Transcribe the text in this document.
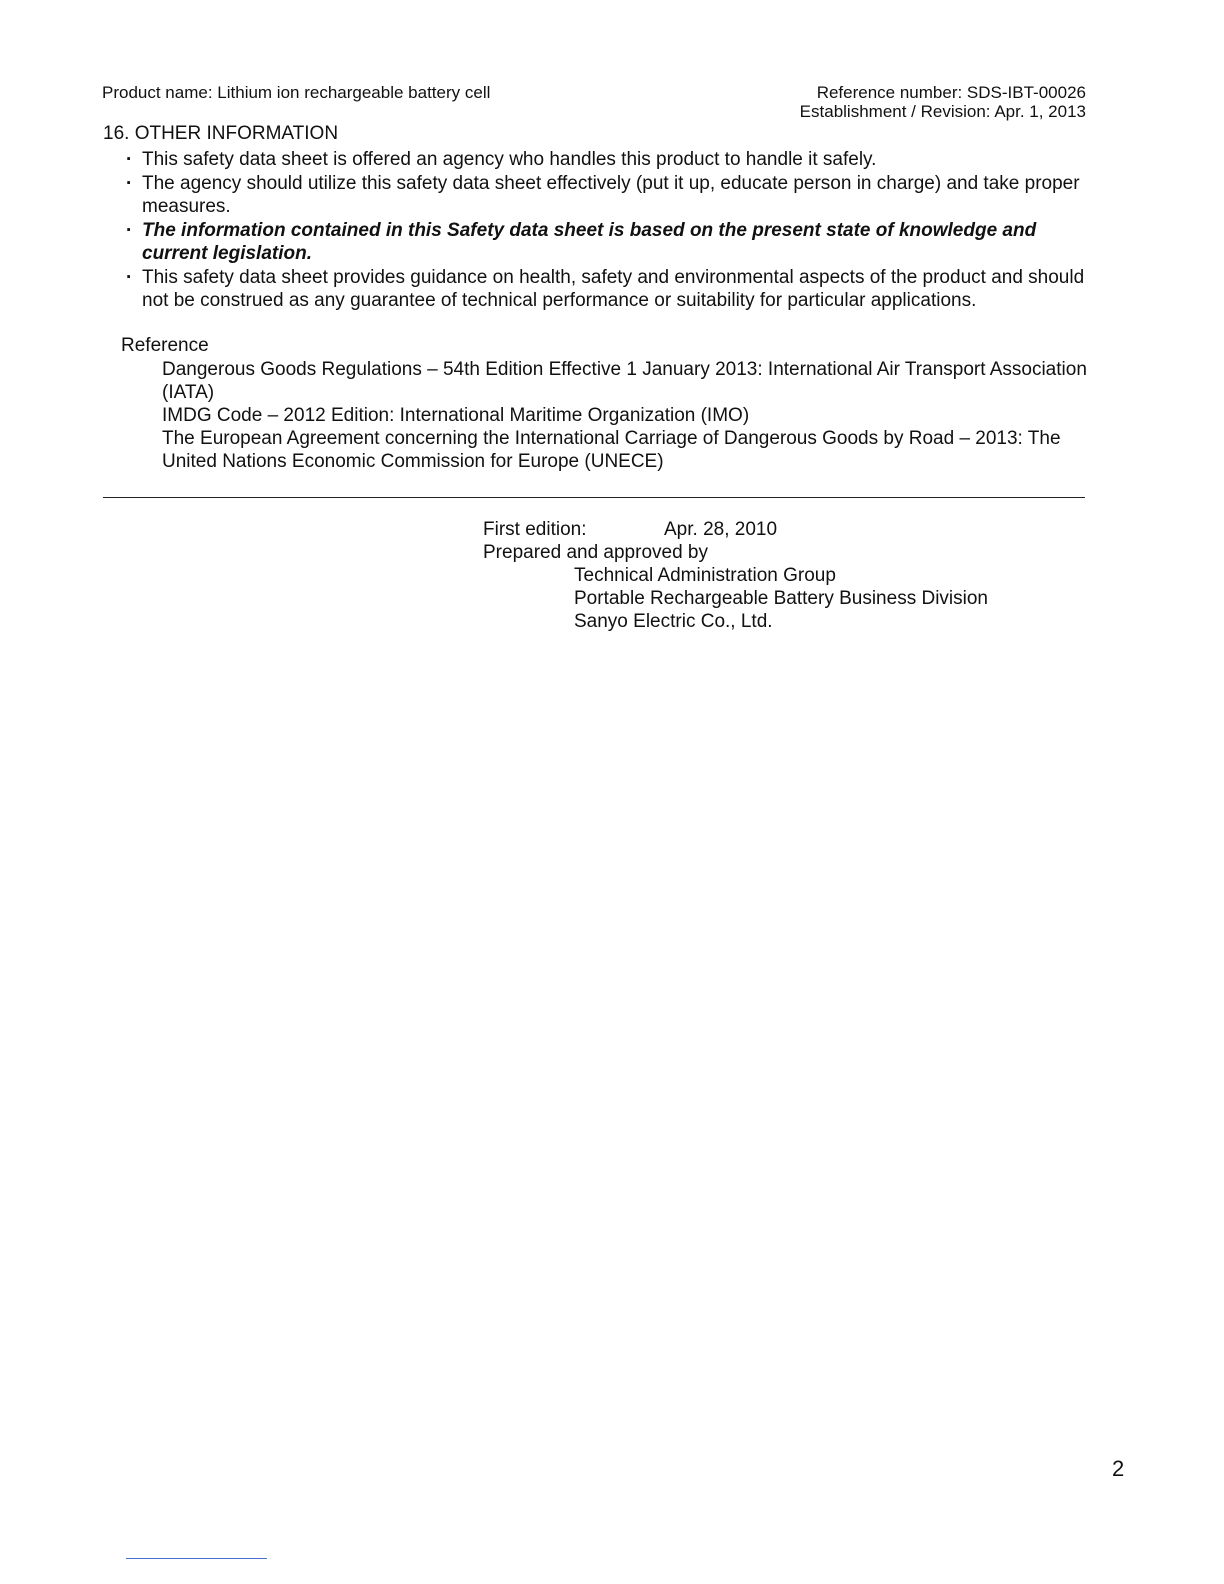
Product name: Lithium ion rechargeable battery cell	Reference number: SDS-IBT-00026
Establishment / Revision: Apr. 1, 2013
16. OTHER INFORMATION

· This safety data sheet is offered an agency who handles this product to handle it safely.

· The agency should utilize this safety data sheet effectively (put it up, educate person in charge) and take proper measures.

· The information contained in this Safety data sheet is based on the present state of knowledge and current legislation.

· This safety data sheet provides guidance on health, safety and environmental aspects of the product and should not be construed as any guarantee of technical performance or suitability for particular applications.

Reference

Dangerous Goods Regulations – 54th Edition Effective 1 January 2013: International Air Transport Association (IATA)

IMDG Code – 2012 Edition: International Maritime Organization (IMO)

The European Agreement concerning the International Carriage of Dangerous Goods by Road – 2013: The United Nations Economic Commission for Europe (UNECE)

First edition:	Apr. 28, 2010
Prepared and approved by
Technical Administration Group
Portable Rechargeable Battery Business Division
Sanyo Electric Co., Ltd.
2
